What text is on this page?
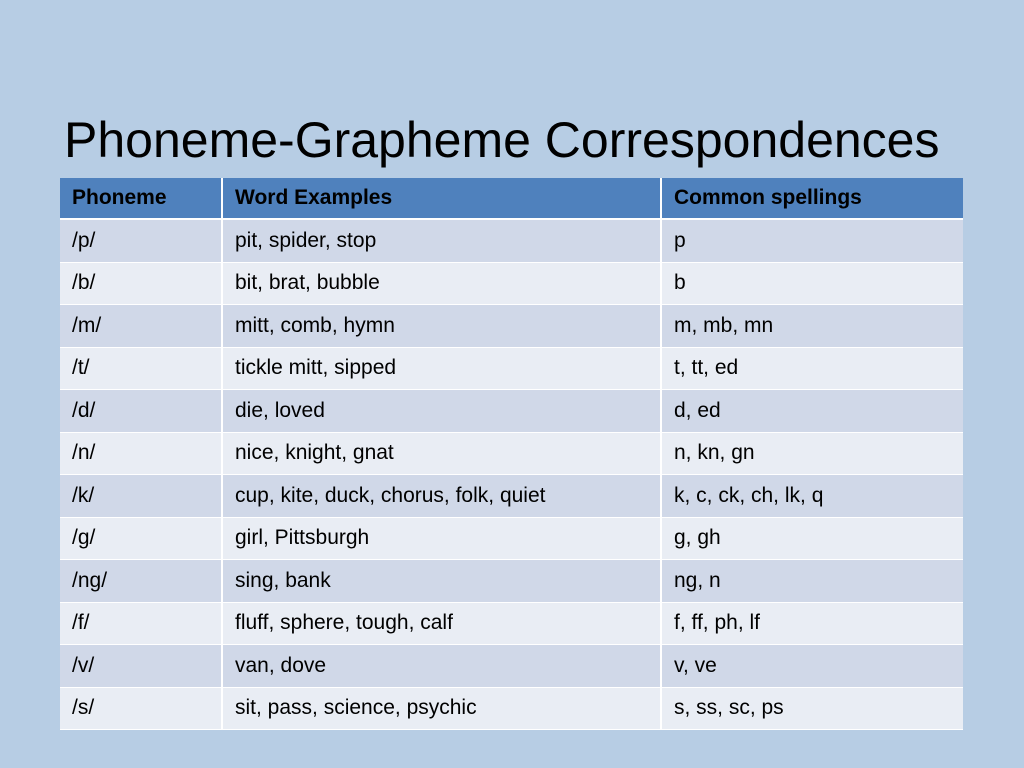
Phoneme-Grapheme Correspondences
Phoneme	Word Examples	Common spellings
/p/	pit, spider, stop	p
/b/	bit, brat, bubble	b
/m/	mitt, comb, hymn	m, mb, mn
/t/	tickle mitt, sipped	t, tt, ed
/d/	die, loved	d, ed
/n/	nice, knight, gnat	n, kn, gn
/k/	cup, kite, duck, chorus, folk, quiet	k, c, ck, ch, lk, q
/g/	girl, Pittsburgh	g, gh
/ng/	sing, bank	ng, n
/f/	fluff, sphere, tough, calf	f, ff, ph, lf
/v/	van, dove	v, ve
/s/	sit, pass, science, psychic	s, ss, sc, ps
